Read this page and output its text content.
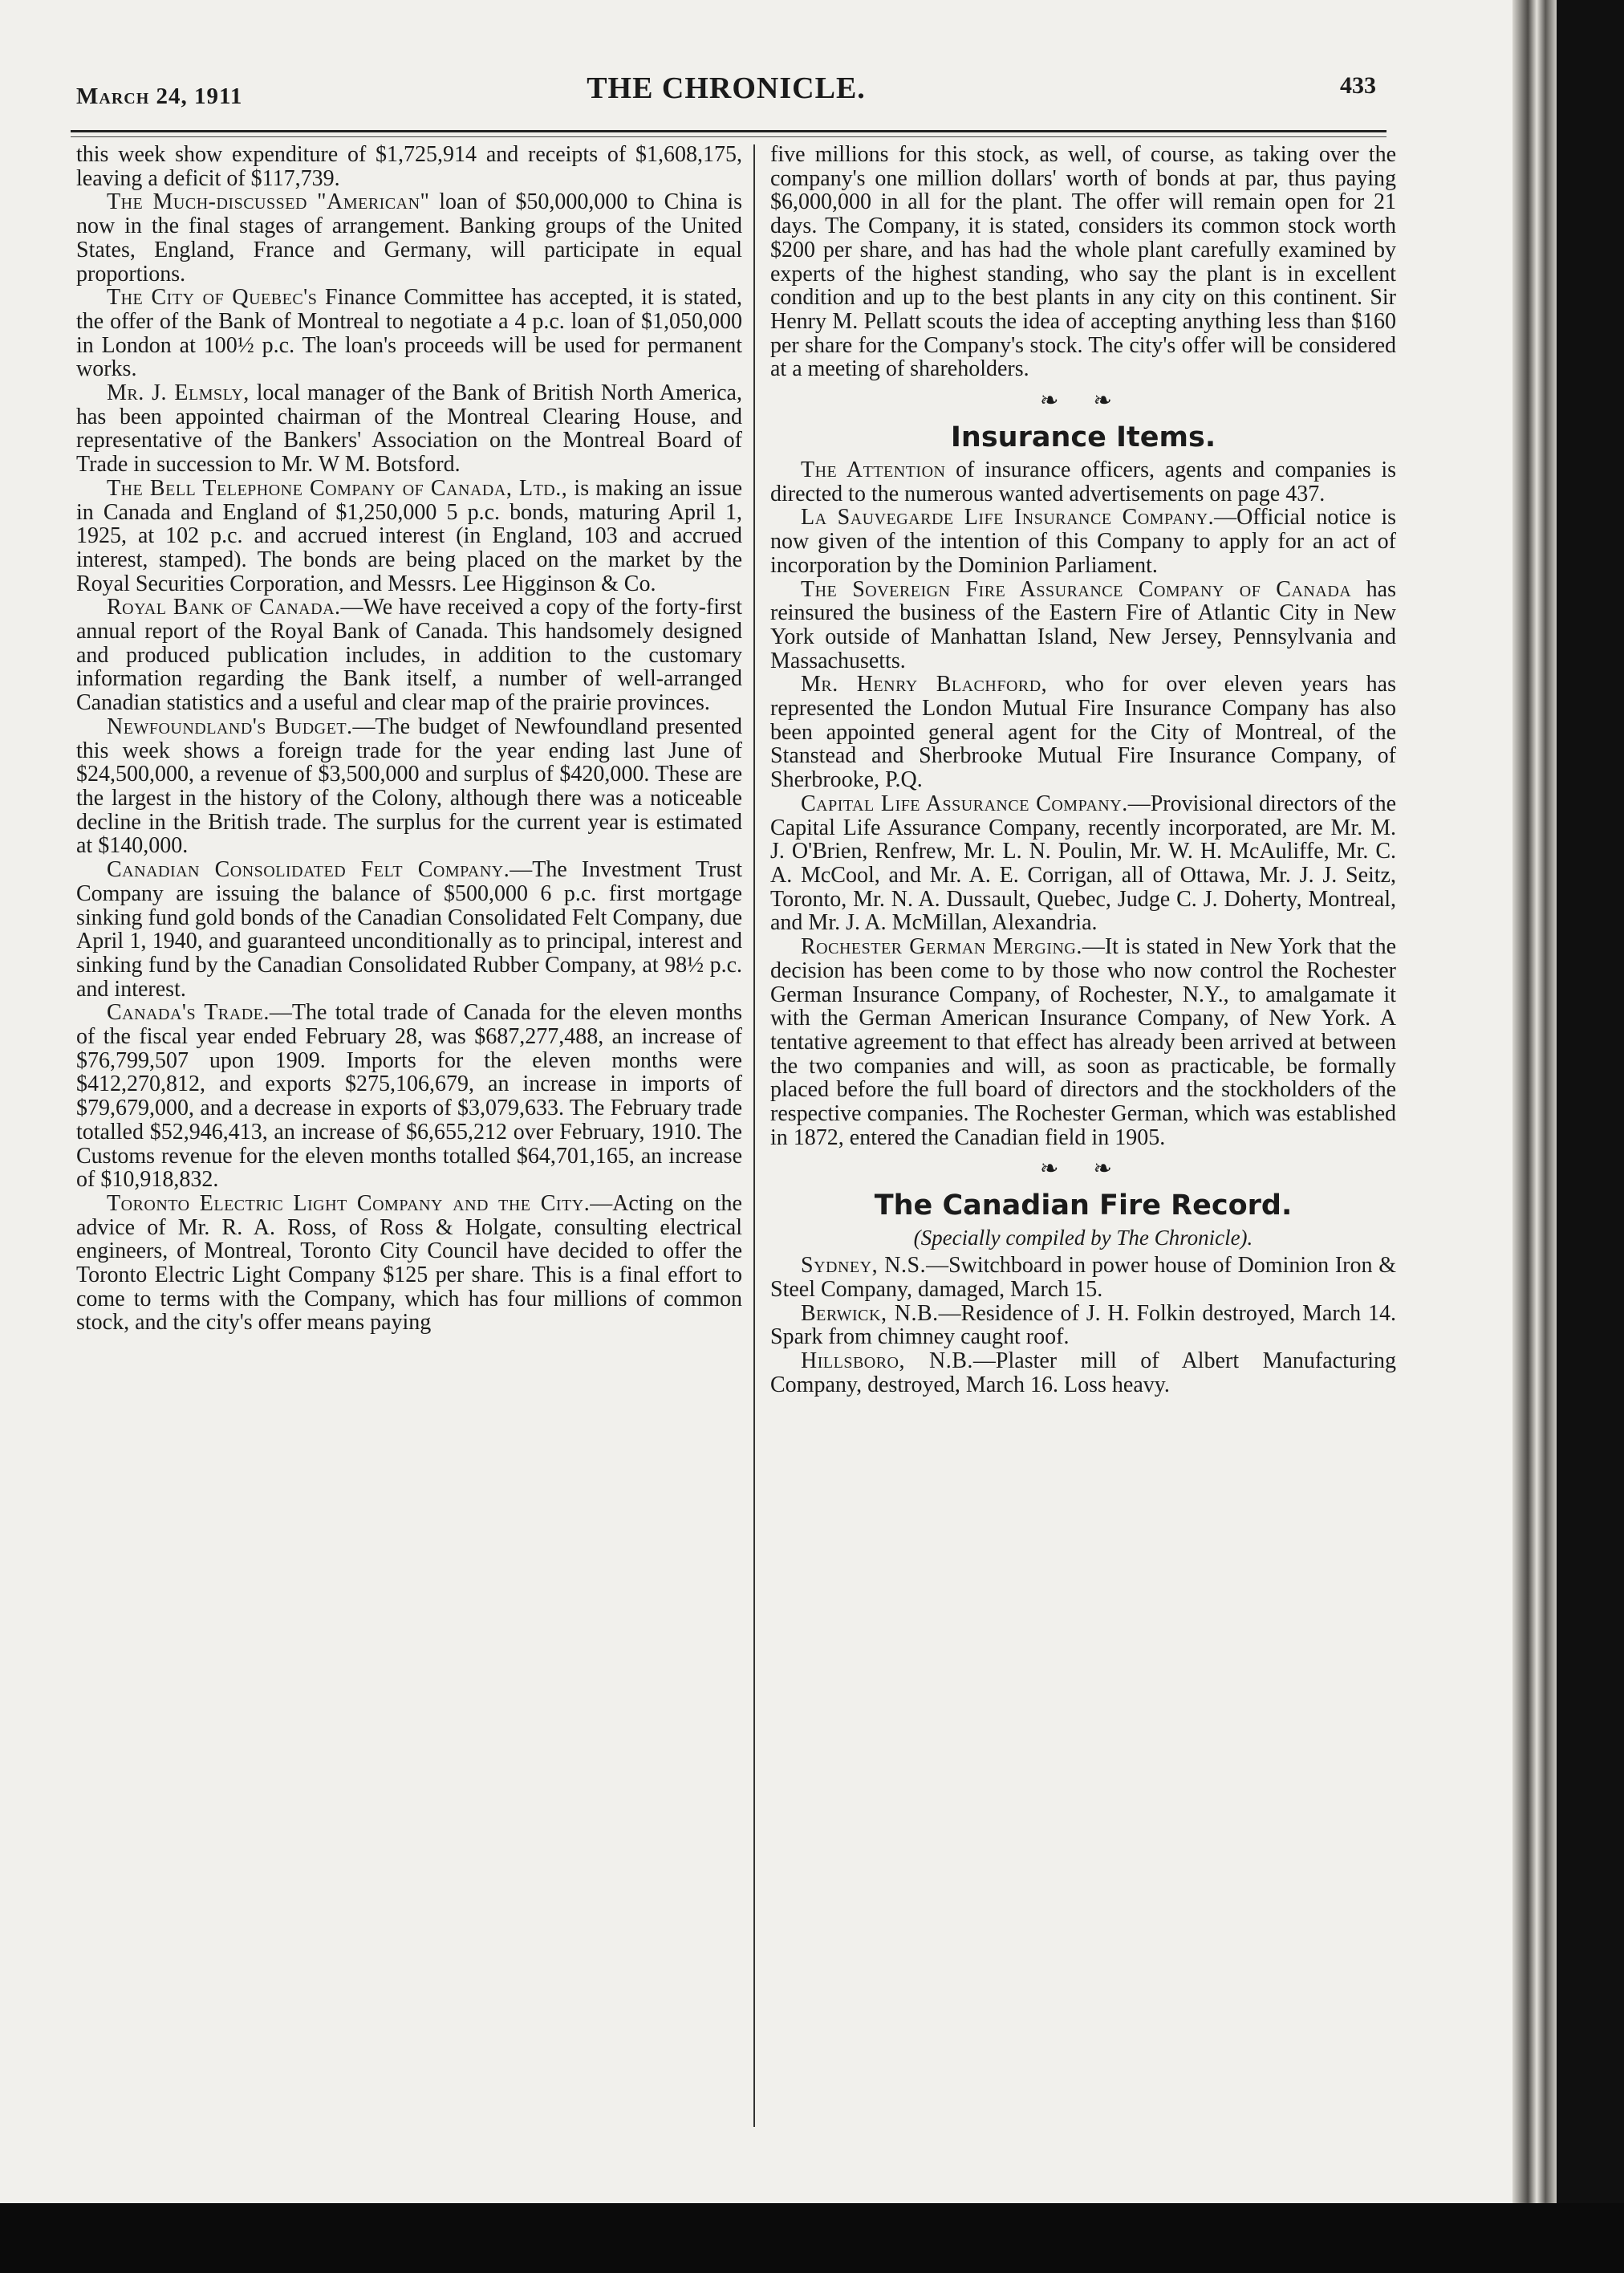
March 24, 1911	THE CHRONICLE.	433

this week show expenditure of $1,725,914 and receipts of $1,608,175, leaving a deficit of $117,739.

The Much-discussed "American" loan of $50,000,000 to China is now in the final stages of arrangement. Banking groups of the United States, England, France and Germany, will participate in equal proportions.

The City of Quebec's Finance Committee has accepted, it is stated, the offer of the Bank of Montreal to negotiate a 4 p.c. loan of $1,050,000 in London at 100½ p.c. The loan's proceeds will be used for permanent works.

Mr. J. Elmsly, local manager of the Bank of British North America, has been appointed chairman of the Montreal Clearing House, and representative of the Bankers' Association on the Montreal Board of Trade in succession to Mr. W M. Botsford.

The Bell Telephone Company of Canada, Ltd., is making an issue in Canada and England of $1,250,000 5 p.c. bonds, maturing April 1, 1925, at 102 p.c. and accrued interest (in England, 103 and accrued interest, stamped). The bonds are being placed on the market by the Royal Securities Corporation, and Messrs. Lee Higginson & Co.

Royal Bank of Canada.—We have received a copy of the forty-first annual report of the Royal Bank of Canada. This handsomely designed and produced publication includes, in addition to the customary information regarding the Bank itself, a number of well-arranged Canadian statistics and a useful and clear map of the prairie provinces.

Newfoundland's Budget.—The budget of Newfoundland presented this week shows a foreign trade for the year ending last June of $24,500,000, a revenue of $3,500,000 and surplus of $420,000. These are the largest in the history of the Colony, although there was a noticeable decline in the British trade. The surplus for the current year is estimated at $140,000.

Canadian Consolidated Felt Company.—The Investment Trust Company are issuing the balance of $500,000 6 p.c. first mortgage sinking fund gold bonds of the Canadian Consolidated Felt Company, due April 1, 1940, and guaranteed unconditionally as to principal, interest and sinking fund by the Canadian Consolidated Rubber Company, at 98½ p.c. and interest.

Canada's Trade.—The total trade of Canada for the eleven months of the fiscal year ended February 28, was $687,277,488, an increase of $76,799,507 upon 1909. Imports for the eleven months were $412,270,812, and exports $275,106,679, an increase in imports of $79,679,000, and a decrease in exports of $3,079,633. The February trade totalled $52,946,413, an increase of $6,655,212 over February, 1910. The Customs revenue for the eleven months totalled $64,701,165, an increase of $10,918,832.

Toronto Electric Light Company and the City.—Acting on the advice of Mr. R. A. Ross, of Ross & Holgate, consulting electrical engineers, of Montreal, Toronto City Council have decided to offer the Toronto Electric Light Company $125 per share. This is a final effort to come to terms with the Company, which has four millions of common stock, and the city's offer means paying

five millions for this stock, as well, of course, as taking over the company's one million dollars' worth of bonds at par, thus paying $6,000,000 in all for the plant. The offer will remain open for 21 days. The Company, it is stated, considers its common stock worth $200 per share, and has had the whole plant carefully examined by experts of the highest standing, who say the plant is in excellent condition and up to the best plants in any city on this continent. Sir Henry M. Pellatt scouts the idea of accepting anything less than $160 per share for the Company's stock. The city's offer will be considered at a meeting of shareholders.

❧ ❧
Insurance Items.

The Attention of insurance officers, agents and companies is directed to the numerous wanted advertisements on page 437.

La Sauvegarde Life Insurance Company.—Official notice is now given of the intention of this Company to apply for an act of incorporation by the Dominion Parliament.

The Sovereign Fire Assurance Company of Canada has reinsured the business of the Eastern Fire of Atlantic City in New York outside of Manhattan Island, New Jersey, Pennsylvania and Massachusetts.

Mr. Henry Blachford, who for over eleven years has represented the London Mutual Fire Insurance Company has also been appointed general agent for the City of Montreal, of the Stanstead and Sherbrooke Mutual Fire Insurance Company, of Sherbrooke, P.Q.

Capital Life Assurance Company.—Provisional directors of the Capital Life Assurance Company, recently incorporated, are Mr. M. J. O'Brien, Renfrew, Mr. L. N. Poulin, Mr. W. H. McAuliffe, Mr. C. A. McCool, and Mr. A. E. Corrigan, all of Ottawa, Mr. J. J. Seitz, Toronto, Mr. N. A. Dussault, Quebec, Judge C. J. Doherty, Montreal, and Mr. J. A. McMillan, Alexandria.

Rochester German Merging.—It is stated in New York that the decision has been come to by those who now control the Rochester German Insurance Company, of Rochester, N.Y., to amalgamate it with the German American Insurance Company, of New York. A tentative agreement to that effect has already been arrived at between the two companies and will, as soon as practicable, be formally placed before the full board of directors and the stockholders of the respective companies. The Rochester German, which was established in 1872, entered the Canadian field in 1905.

❧ ❧
The Canadian Fire Record.
(Specially compiled by The Chronicle).

Sydney, N.S.—Switchboard in power house of Dominion Iron & Steel Company, damaged, March 15.

Berwick, N.B.—Residence of J. H. Folkin destroyed, March 14. Spark from chimney caught roof.

Hillsboro, N.B.—Plaster mill of Albert Manufacturing Company, destroyed, March 16. Loss heavy.
